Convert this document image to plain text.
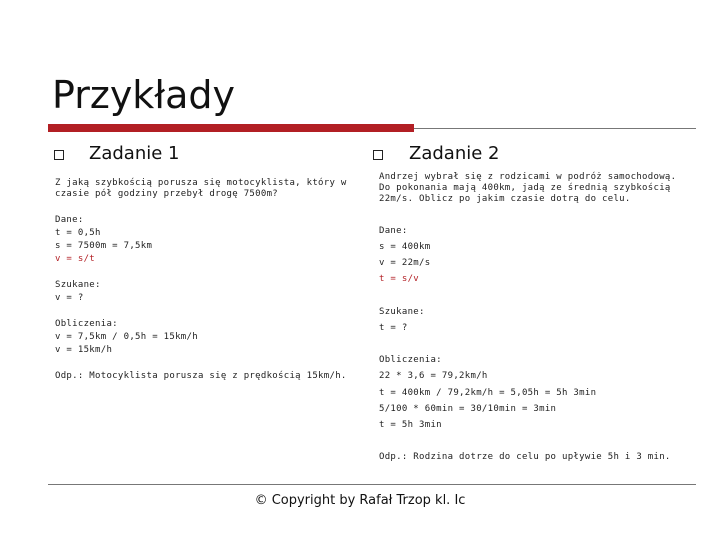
Przykłady
Zadanie 1
Z jaką szybkością porusza się motocyklista, który w
czasie pół godziny przebył drogę 7500m?
Dane:
t = 0,5h
s = 7500m = 7,5km
v = s/t
Szukane:
v = ?
Obliczenia:
v = 7,5km / 0,5h = 15km/h
v = 15km/h
Odp.: Motocyklista porusza się z prędkością 15km/h.
Zadanie 2
Andrzej wybrał się z rodzicami w podróż samochodową.
Do pokonania mają 400km, jadą ze średnią szybkością
22m/s. Oblicz po jakim czasie dotrą do celu.
Dane:
s = 400km
v = 22m/s
t = s/v
Szukane:
t = ?
Obliczenia:
22 * 3,6 = 79,2km/h
t = 400km / 79,2km/h = 5,05h = 5h 3min
5/100 * 60min = 30/10min = 3min
t = 5h 3min
Odp.: Rodzina dotrze do celu po upływie 5h i 3 min.
© Copyright by Rafał Trzop kl. Ic
